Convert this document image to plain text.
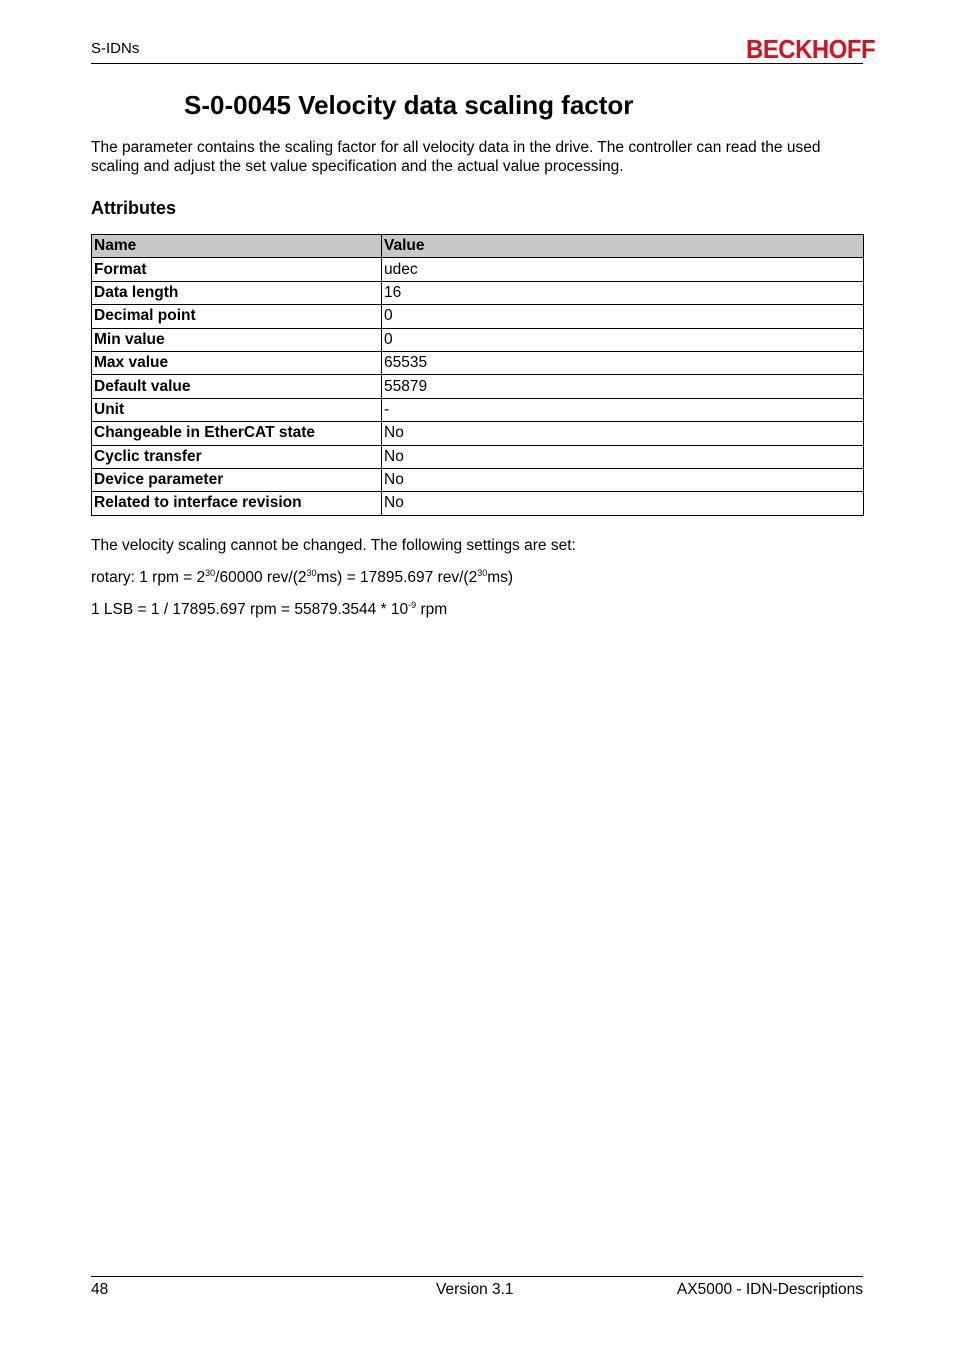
S-IDNs	BECKHOFF
S-0-0045 Velocity data scaling factor

The parameter contains the scaling factor for all velocity data in the drive. The controller can read the used scaling and adjust the set value specification and the actual value processing.

Attributes
Name	Value
Format	udec
Data length	16
Decimal point	0
Min value	0
Max value	65535
Default value	55879
Unit	-
Changeable in EtherCAT state	No
Cyclic transfer	No
Device parameter	No
Related to interface revision	No

The velocity scaling cannot be changed. The following settings are set:

rotary: 1 rpm = $2^{30}/60000$ rev/$(2^{30}ms) = 17895.697$ rev/$(2^{30}ms)$

1 LSB = 1 / 17895.697 rpm = $55879.3544 * 10^{-9}$ rpm

48	Version 3.1	AX5000 - IDN-Descriptions
